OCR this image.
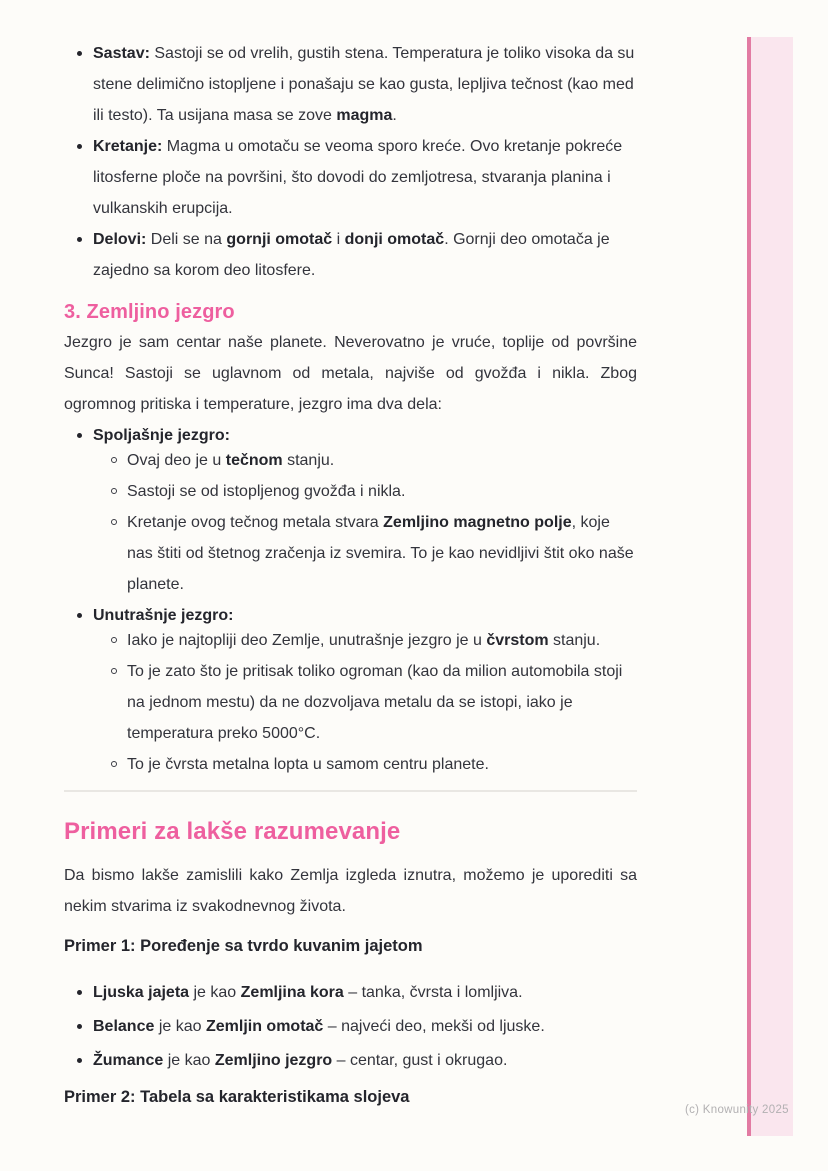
Sastav: Sastoji se od vrelih, gustih stena. Temperatura je toliko visoka da su stene delimično istopljene i ponašaju se kao gusta, lepljiva tečnost (kao med ili testo). Ta usijana masa se zove magma.
Kretanje: Magma u omotaču se veoma sporo kreće. Ovo kretanje pokreće litosferne ploče na površini, što dovodi do zemljotresa, stvaranja planina i vulkanskih erupcija.
Delovi: Deli se na gornji omotač i donji omotač. Gornji deo omotača je zajedno sa korom deo litosfere.
3. Zemljino jezgro

Jezgro je sam centar naše planete. Neverovatno je vruće, toplije od površine Sunca! Sastoji se uglavnom od metala, najviše od gvožđa i nikla. Zbog ogromnog pritiska i temperature, jezgro ima dva dela:

Spoljašnje jezgro:
Ovaj deo je u tečnom stanju.
Sastoji se od istopljenog gvožđa i nikla.
Kretanje ovog tečnog metala stvara Zemljino magnetno polje, koje nas štiti od štetnog zračenja iz svemira. To je kao nevidljivi štit oko naše planete.
Unutrašnje jezgro:
Iako je najtopliji deo Zemlje, unutrašnje jezgro je u čvrstom stanju.
To je zato što je pritisak toliko ogroman (kao da milion automobila stoji na jednom mestu) da ne dozvoljava metalu da se istopi, iako je temperatura preko 5000°C.
To je čvrsta metalna lopta u samom centru planete.
Primeri za lakše razumevanje

Da bismo lakše zamislili kako Zemlja izgleda iznutra, možemo je uporediti sa nekim stvarima iz svakodnevnog života.

Primer 1: Poređenje sa tvrdo kuvanim jajetom

Ljuska jajeta je kao Zemljina kora – tanka, čvrsta i lomljiva.
Belance je kao Zemljin omotač – najveći deo, mekši od ljuske.
Žumance je kao Zemljino jezgro – centar, gust i okrugao.

Primer 2: Tabela sa karakteristikama slojeva

(c) Knowunity 2025
